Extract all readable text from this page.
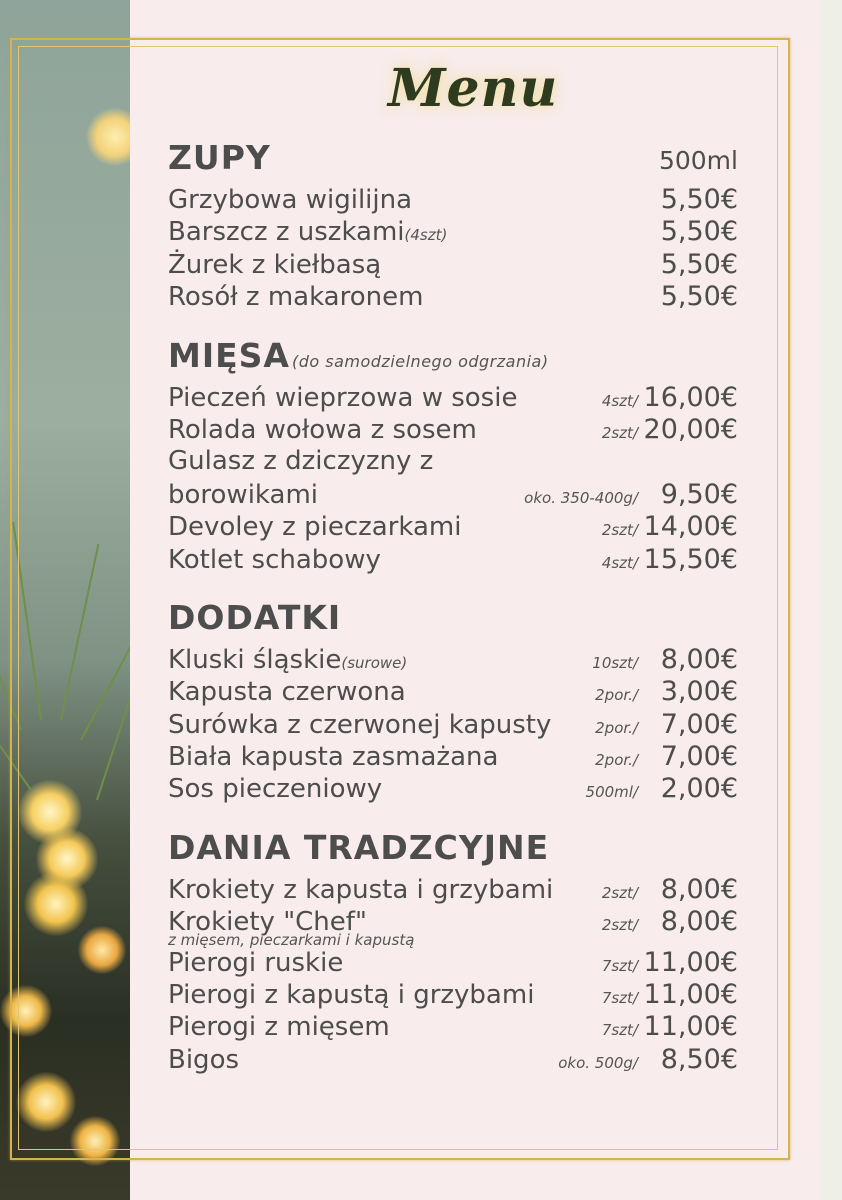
Menu
ZUPY	500ml
Grzybowa wigilijna	5,50€
Barszcz z uszkami(4szt)	5,50€
Żurek z kiełbasą	5,50€
Rosół z makaronem	5,50€
MIĘSA (do samodzielnego odgrzania)
Pieczeń wieprzowa w sosie	4szt/ 16,00€
Rolada wołowa z sosem	2szt/ 20,00€
Gulasz z dziczyzny z
borowikami	oko. 350-400g/ 9,50€
Devoley z pieczarkami	2szt/ 14,00€
Kotlet schabowy	4szt/ 15,50€
DODATKI
Kluski śląskie(surowe)	10szt/ 8,00€
Kapusta czerwona	2por./ 3,00€
Surówka z czerwonej kapusty	2por./ 7,00€
Biała kapusta zasmażana	2por./ 7,00€
Sos pieczeniowy	500ml/ 2,00€
DANIA TRADZCYJNE
Krokiety z kapusta i grzybami	2szt/ 8,00€
Krokiety "Chef"	2szt/ 8,00€
z mięsem, pieczarkami i kapustą
Pierogi ruskie	7szt/ 11,00€
Pierogi z kapustą i grzybami	7szt/ 11,00€
Pierogi z mięsem	7szt/ 11,00€
Bigos	oko. 500g/ 8,50€
